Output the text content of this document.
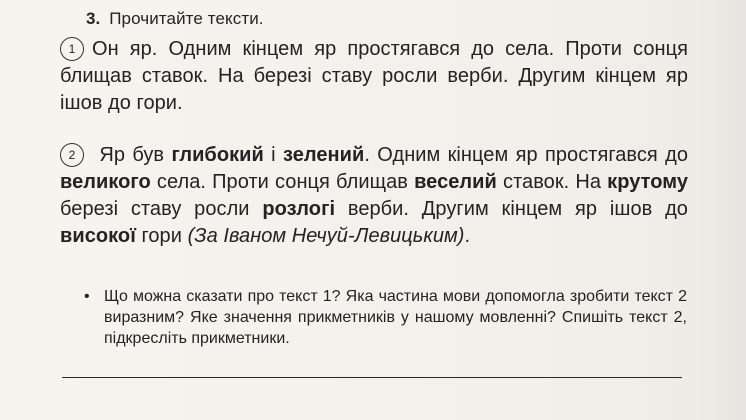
3. Прочитайте тексти.
1 Он яр. Одним кінцем яр простягався до села. Проти сонця блищав ставок. На березі ставу росли верби. Другим кінцем яр ішов до гори.
2 Яр був глибокий і зелений. Одним кінцем яр простягався до великого села. Проти сонця блищав веселий ставок. На крутому березі ставу росли розлогі верби. Другим кінцем яр ішов до високої гори (За Іваном Нечуй-Левицьким).
• Що можна сказати про текст 1? Яка частина мови допомогла зробити текст 2 виразним? Яке значення прикметників у нашому мовленні? Спишіть текст 2, підкресліть прикметники.
